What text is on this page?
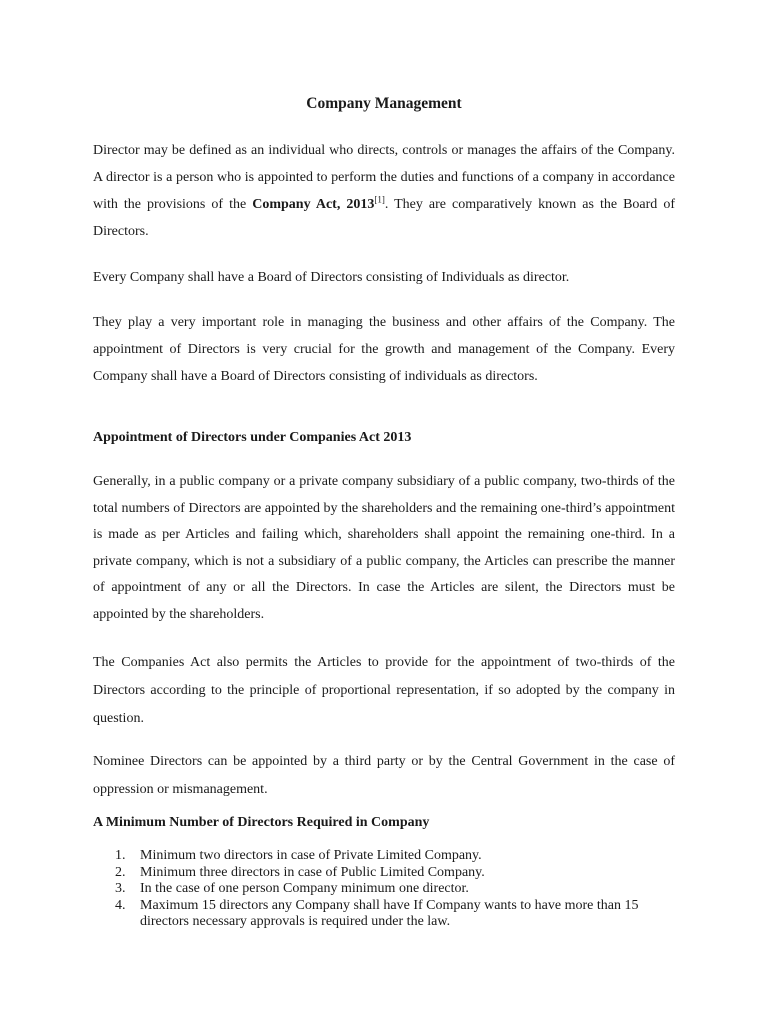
Company Management

Director may be defined as an individual who directs, controls or manages the affairs of the Company. A director is a person who is appointed to perform the duties and functions of a company in accordance with the provisions of the Company Act, 2013[1]. They are comparatively known as the Board of Directors.

Every Company shall have a Board of Directors consisting of Individuals as director.

They play a very important role in managing the business and other affairs of the Company. The appointment of Directors is very crucial for the growth and management of the Company. Every Company shall have a Board of Directors consisting of individuals as directors.

Appointment of Directors under Companies Act 2013

Generally, in a public company or a private company subsidiary of a public company, two-thirds of the total numbers of Directors are appointed by the shareholders and the remaining one-third’s appointment is made as per Articles and failing which, shareholders shall appoint the remaining one-third. In a private company, which is not a subsidiary of a public company, the Articles can prescribe the manner of appointment of any or all the Directors. In case the Articles are silent, the Directors must be appointed by the shareholders.

The Companies Act also permits the Articles to provide for the appointment of two-thirds of the Directors according to the principle of proportional representation, if so adopted by the company in question.

Nominee Directors can be appointed by a third party or by the Central Government in the case of oppression or mismanagement.

A Minimum Number of Directors Required in Company
1. Minimum two directors in case of Private Limited Company.
2. Minimum three directors in case of Public Limited Company.
3. In the case of one person Company minimum one director.
4. Maximum 15 directors any Company shall have If Company wants to have more than 15 directors necessary approvals is required under the law.
